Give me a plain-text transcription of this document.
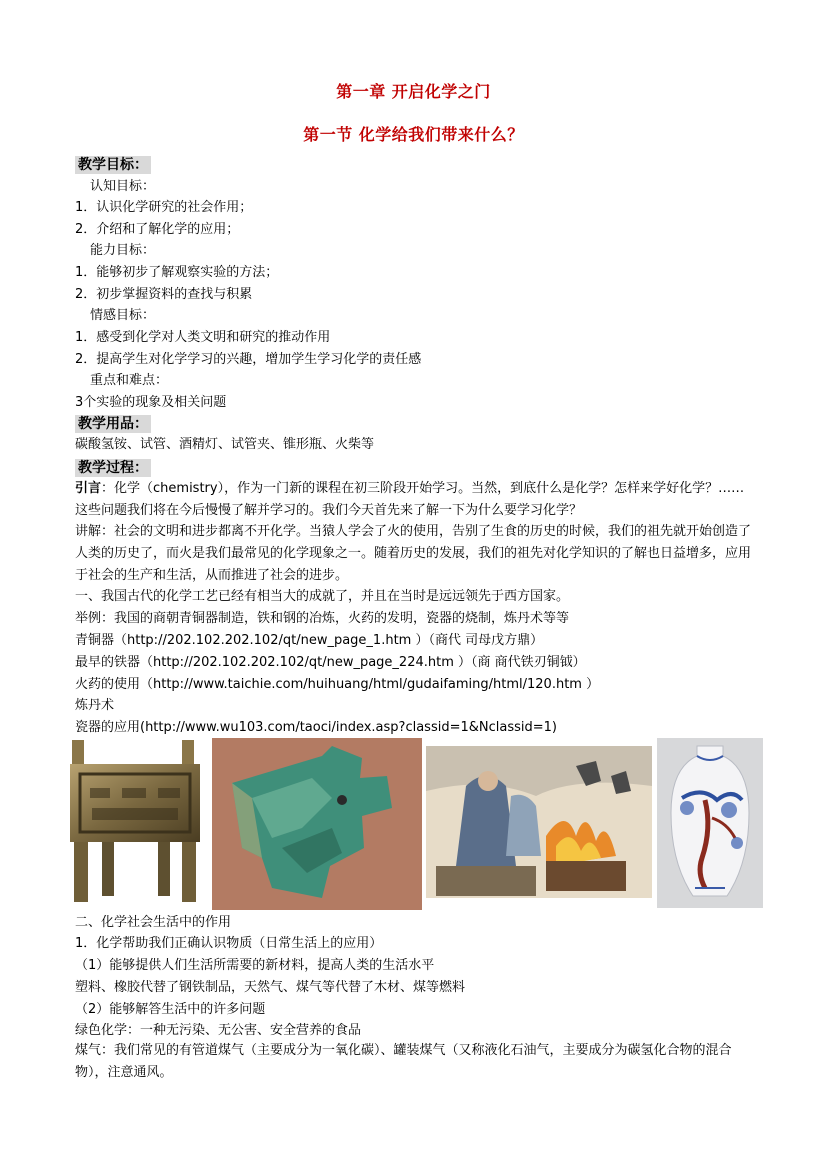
第一章 开启化学之门
第一节 化学给我们带来什么？
教学目标：
认知目标：
1．认识化学研究的社会作用；
2．介绍和了解化学的应用；
能力目标：
1．能够初步了解观察实验的方法；
2．初步掌握资料的查找与积累
情感目标：
1．感受到化学对人类文明和研究的推动作用
2．提高学生对化学学习的兴趣，增加学生学习化学的责任感
重点和难点：
3个实验的现象及相关问题
教学用品：
碳酸氢铵、试管、酒精灯、试管夹、锥形瓶、火柴等
教学过程：
引言：化学（chemistry），作为一门新的课程在初三阶段开始学习。当然，到底什么是化学？怎样来学好化学？……这些问题我们将在今后慢慢了解并学习的。我们今天首先来了解一下为什么要学习化学？
讲解：社会的文明和进步都离不开化学。当猿人学会了火的使用，告别了生食的历史的时候，我们的祖先就开始创造了人类的历史了，而火是我们最常见的化学现象之一。随着历史的发展，我们的祖先对化学知识的了解也日益增多，应用于社会的生产和生活，从而推进了社会的进步。
一、我国古代的化学工艺已经有相当大的成就了，并且在当时是远远领先于西方国家。
举例：我国的商朝青铜器制造，铁和钢的冶炼，火药的发明，瓷器的烧制，炼丹术等等
青铜器（http://202.102.202.102/qt/new_page_1.htm ）（商代 司母戊方鼎）
最早的铁器（http://202.102.202.102/qt/new_page_224.htm ）（商 商代铁刃铜钺）
火药的使用（http://www.taichie.com/huihuang/html/gudaifaming/html/120.htm ）
炼丹术
瓷器的应用(http://www.wu103.com/taoci/index.asp?classid=1&Nclassid=1)
二、化学社会生活中的作用
1．化学帮助我们正确认识物质（日常生活上的应用）
（1）能够提供人们生活所需要的新材料，提高人类的生活水平
塑料、橡胶代替了钢铁制品，天然气、煤气等代替了木材、煤等燃料
（2）能够解答生活中的许多问题
绿色化学：一种无污染、无公害、安全营养的食品
煤气：我们常见的有管道煤气（主要成分为一氧化碳）、罐装煤气（又称液化石油气，主要成分为碳氢化合物的混合物），注意通风。
